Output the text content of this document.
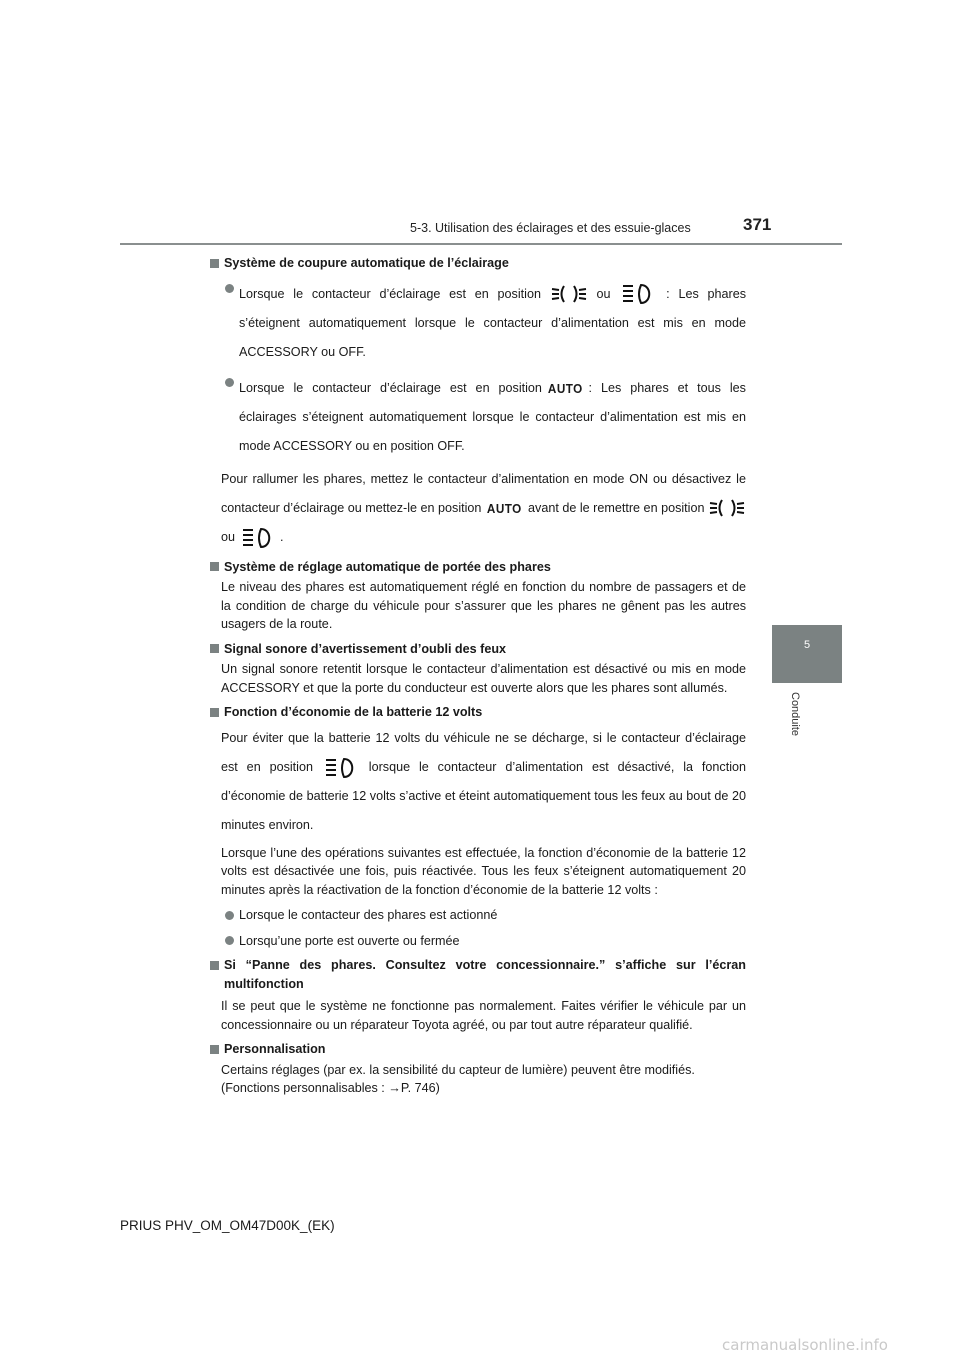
5-3. Utilisation des éclairages et des essuie-glaces	371
5
Conduite
Système de coupure automatique de l’éclairage
Lorsque le contacteur d’éclairage est en position	ou	: Les phares s’éteignent automatiquement lorsque le contacteur d’alimentation est mis en mode ACCESSORY ou OFF.
Lorsque le contacteur d’éclairage est en position AUTO : Les phares et tous les éclairages s’éteignent automatiquement lorsque le contacteur d’alimentation est mis en mode ACCESSORY ou en position OFF.
Pour rallumer les phares, mettez le contacteur d’alimentation en mode ON ou désactivez le contacteur d’éclairage ou mettez-le en position AUTO avant de le remettre en position  ou	.
Système de réglage automatique de portée des phares
Le niveau des phares est automatiquement réglé en fonction du nombre de passagers et de la condition de charge du véhicule pour s’assurer que les phares ne gênent pas les autres usagers de la route.
Signal sonore d’avertissement d’oubli des feux
Un signal sonore retentit lorsque le contacteur d’alimentation est désactivé ou mis en mode ACCESSORY et que la porte du conducteur est ouverte alors que les phares sont allumés.
Fonction d’économie de la batterie 12 volts
Pour éviter que la batterie 12 volts du véhicule ne se décharge, si le contacteur d’éclairage est en position	lorsque le contacteur d’alimentation est désactivé, la fonction d’économie de batterie 12 volts s’active et éteint automatiquement tous les feux au bout de 20 minutes environ.
Lorsque l’une des opérations suivantes est effectuée, la fonction d’économie de la batterie 12 volts est désactivée une fois, puis réactivée. Tous les feux s’éteignent automatiquement 20 minutes après la réactivation de la fonction d’économie de la batterie 12 volts :
Lorsque le contacteur des phares est actionné
Lorsqu’une porte est ouverte ou fermée
Si “Panne des phares. Consultez votre concessionnaire.” s’affiche sur l’écran multifonction
Il se peut que le système ne fonctionne pas normalement. Faites vérifier le véhicule par un concessionnaire ou un réparateur Toyota agréé, ou par tout autre réparateur qualifié.
Personnalisation
Certains réglages (par ex. la sensibilité du capteur de lumière) peuvent être modifiés.
(Fonctions personnalisables : →P. 746)
PRIUS PHV_OM_OM47D00K_(EK)
carmanualsonline.info
